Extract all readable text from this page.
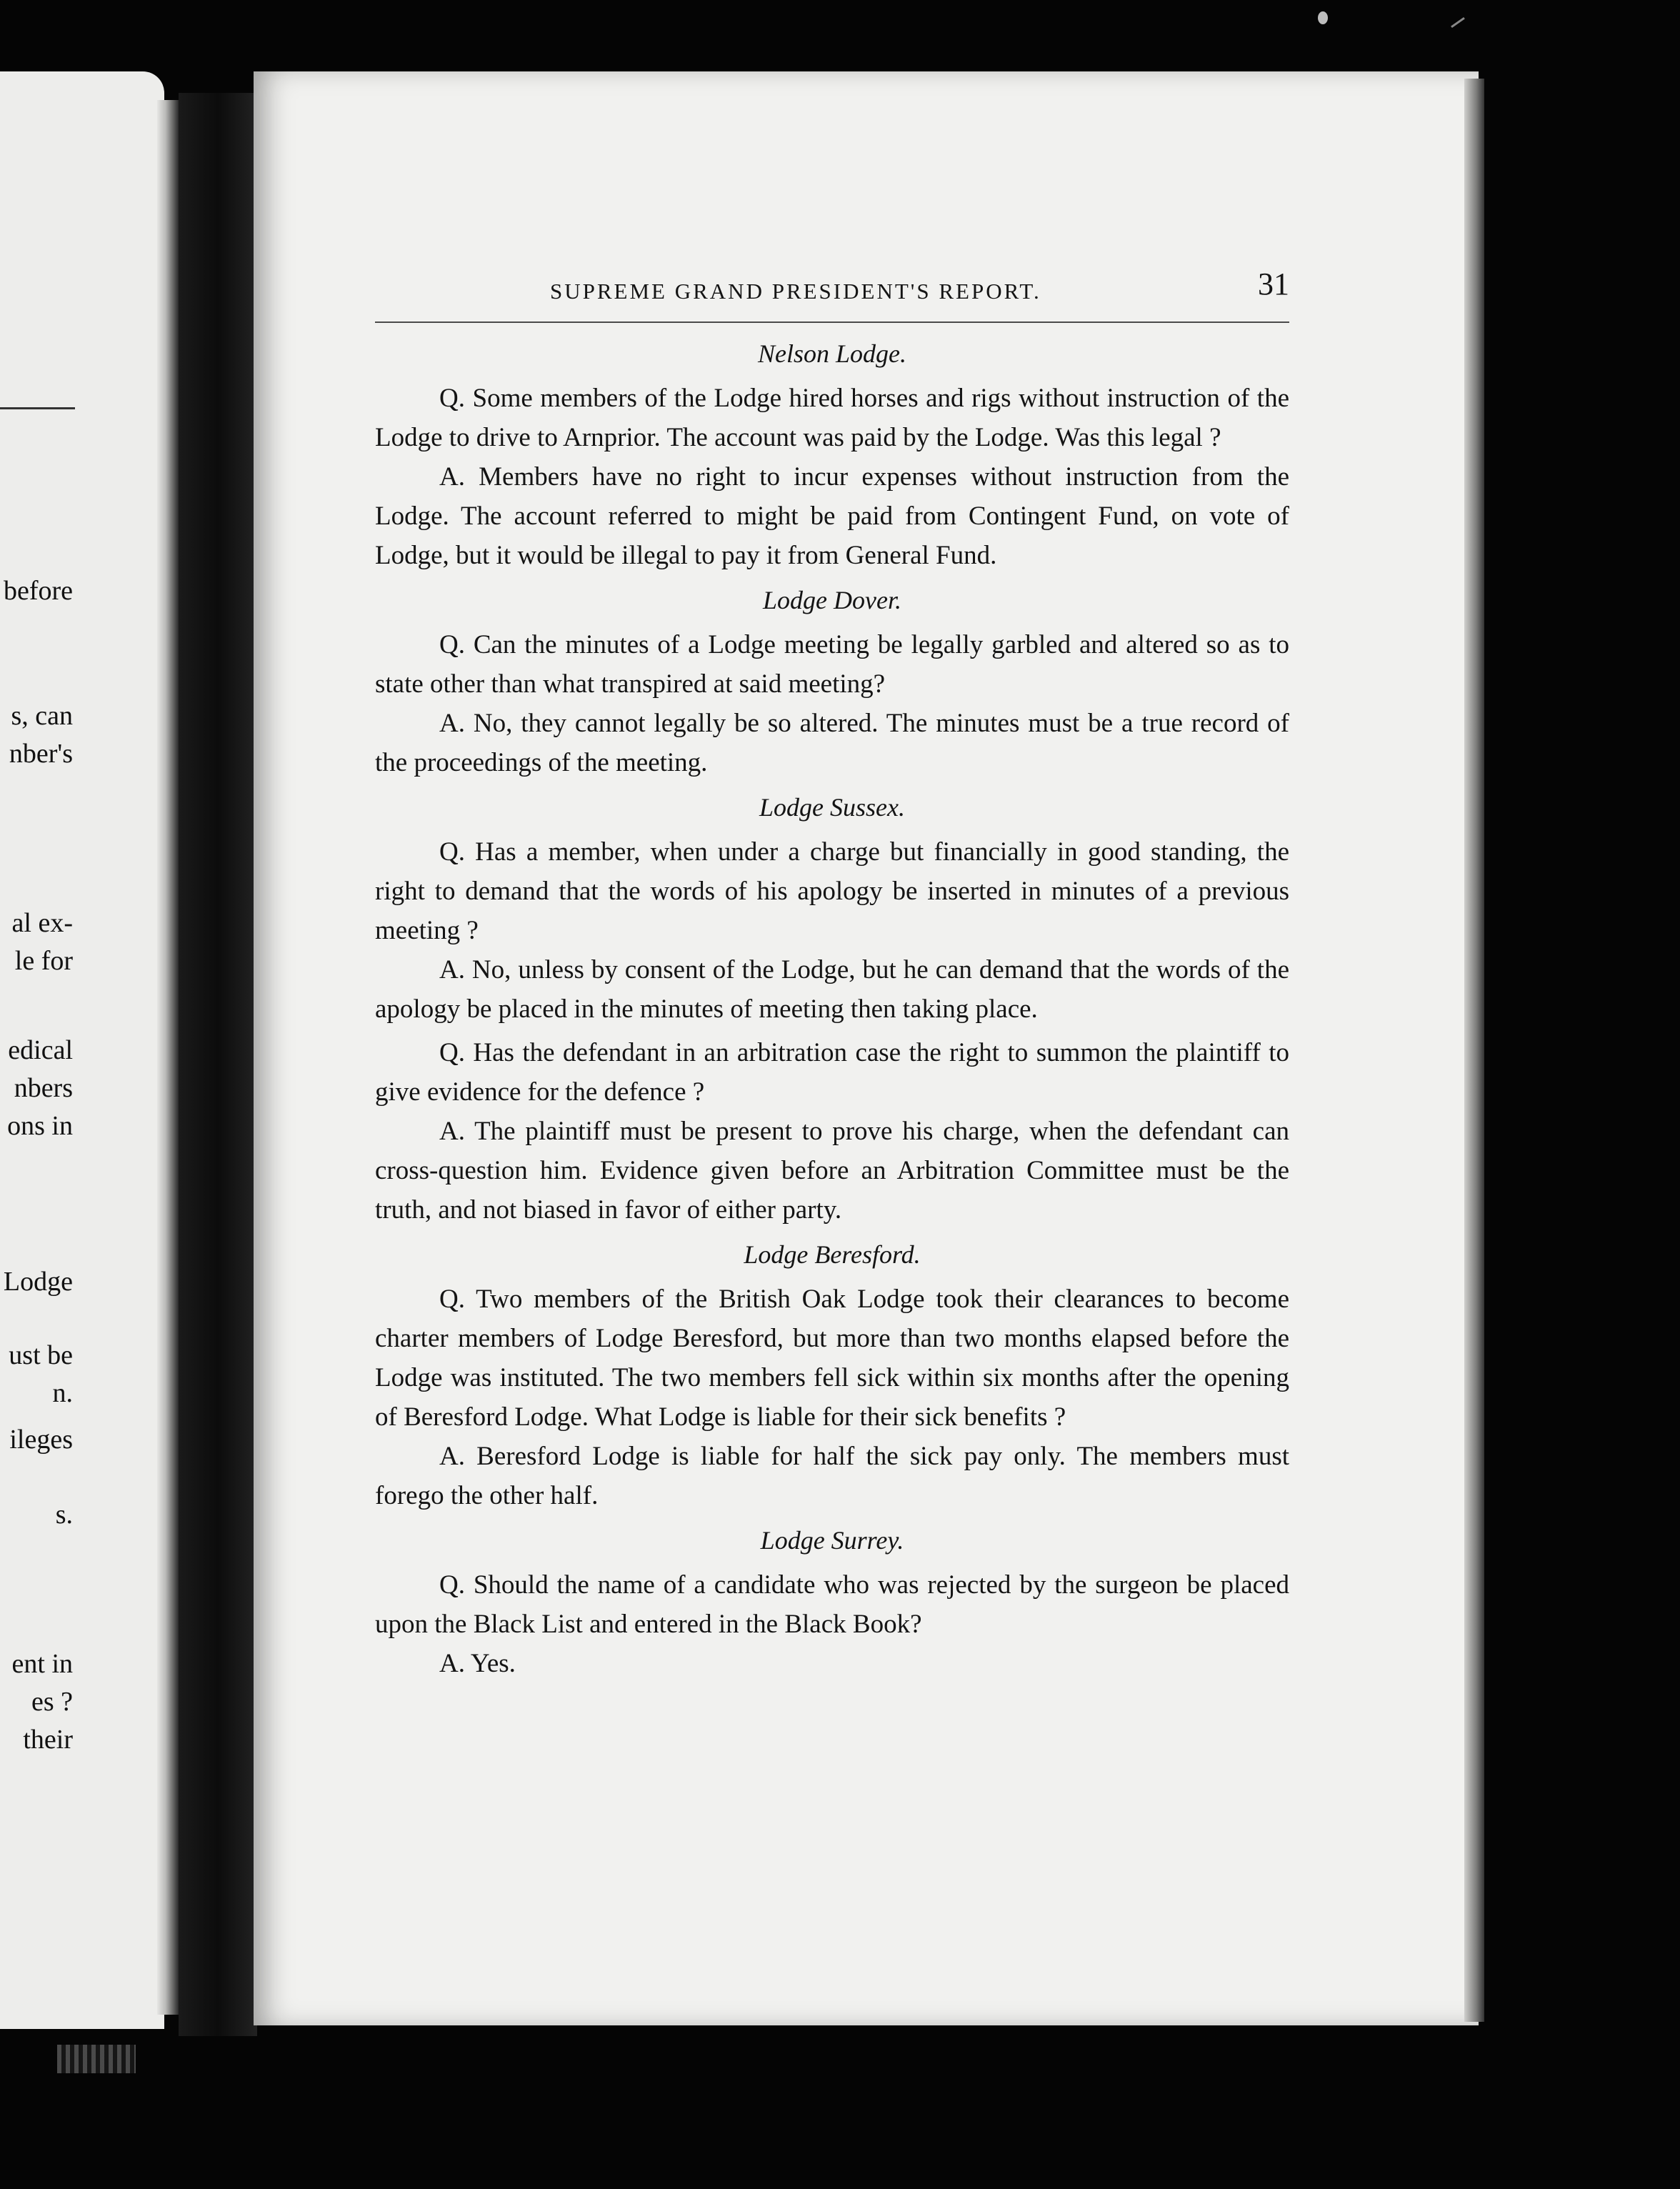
before
s, can
nber's
al ex-
le for
edical
nbers
ons in
Lodge
ust be
n.
ileges
s.
ent in
es ?
their
SUPREME GRAND PRESIDENT'S REPORT.	31
Nelson Lodge.

Q. Some members of the Lodge hired horses and rigs without instruction of the Lodge to drive to Arnprior. The account was paid by the Lodge. Was this legal ?

A. Members have no right to incur expenses without instruction from the Lodge. The account referred to might be paid from Contingent Fund, on vote of Lodge, but it would be illegal to pay it from General Fund.

Lodge Dover.

Q. Can the minutes of a Lodge meeting be legally garbled and altered so as to state other than what transpired at said meeting?

A. No, they cannot legally be so altered. The minutes must be a true record of the proceedings of the meeting.

Lodge Sussex.

Q. Has a member, when under a charge but financially in good standing, the right to demand that the words of his apology be inserted in minutes of a previous meeting ?

A. No, unless by consent of the Lodge, but he can demand that the words of the apology be placed in the minutes of meeting then taking place.

Q. Has the defendant in an arbitration case the right to summon the plaintiff to give evidence for the defence ?

A. The plaintiff must be present to prove his charge, when the defendant can cross-question him. Evidence given before an Arbitration Committee must be the truth, and not biased in favor of either party.

Lodge Beresford.

Q. Two members of the British Oak Lodge took their clearances to become charter members of Lodge Beresford, but more than two months elapsed before the Lodge was instituted. The two members fell sick within six months after the opening of Beresford Lodge. What Lodge is liable for their sick benefits ?

A. Beresford Lodge is liable for half the sick pay only. The members must forego the other half.

Lodge Surrey.

Q. Should the name of a candidate who was rejected by the surgeon be placed upon the Black List and entered in the Black Book?

A. Yes.
